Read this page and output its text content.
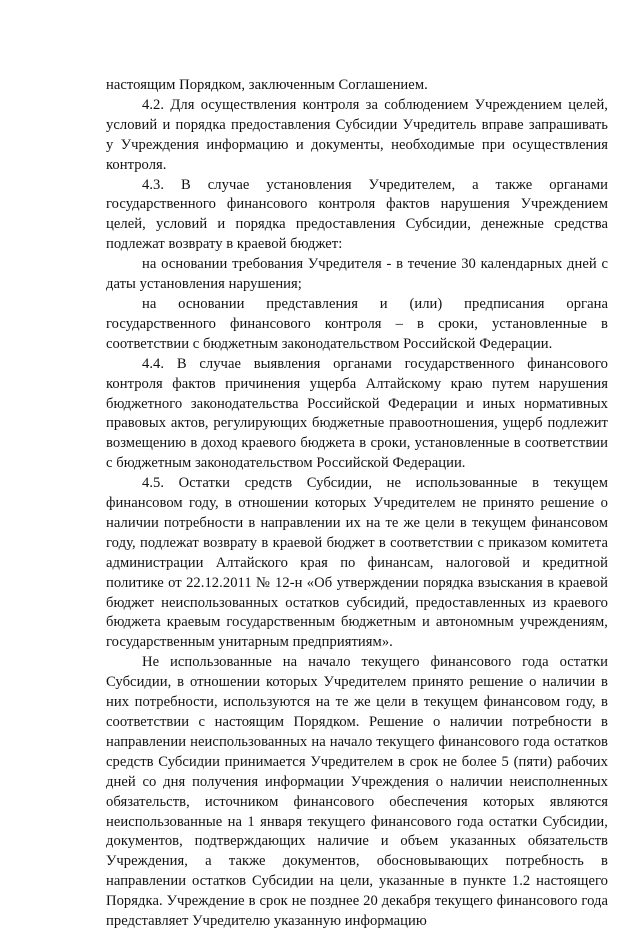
настоящим Порядком, заключенным Соглашением.

4.2. Для осуществления контроля за соблюдением Учреждением целей, условий и порядка предоставления Субсидии Учредитель вправе запрашивать у Учреждения информацию и документы, необходимые при осуществления контроля.

4.3. В случае установления Учредителем, а также органами государственного финансового контроля фактов нарушения Учреждением целей, условий и порядка предоставления Субсидии, денежные средства подлежат возврату в краевой бюджет:

на основании требования Учредителя - в течение 30 календарных дней с даты установления нарушения;

на основании представления и (или) предписания органа государственного финансового контроля – в сроки, установленные в соответствии с бюджетным законодательством Российской Федерации.

4.4. В случае выявления органами государственного финансового контроля фактов причинения ущерба Алтайскому краю путем нарушения бюджетного законодательства Российской Федерации и иных нормативных правовых актов, регулирующих бюджетные правоотношения, ущерб подлежит возмещению в доход краевого бюджета в сроки, установленные в соответствии с бюджетным законодательством Российской Федерации.

4.5. Остатки средств Субсидии, не использованные в текущем финансовом году, в отношении которых Учредителем не принято решение о наличии потребности в направлении их на те же цели в текущем финансовом году, подлежат возврату в краевой бюджет в соответствии с приказом комитета администрации Алтайского края по финансам, налоговой и кредитной политике от 22.12.2011 № 12-н «Об утверждении порядка взыскания в краевой бюджет неиспользованных остатков субсидий, предоставленных из краевого бюджета краевым государственным бюджетным и автономным учреждениям, государственным унитарным предприятиям».

Не использованные на начало текущего финансового года остатки Субсидии, в отношении которых Учредителем принято решение о наличии в них потребности, используются на те же цели в текущем финансовом году, в соответствии с настоящим Порядком. Решение о наличии потребности в направлении неиспользованных на начало текущего финансового года остатков средств Субсидии принимается Учредителем в срок не более 5 (пяти) рабочих дней со дня получения информации Учреждения о наличии неисполненных обязательств, источником финансового обеспечения которых являются неиспользованные на 1 января текущего финансового года остатки Субсидии, документов, подтверждающих наличие и объем указанных обязательств Учреждения, а также документов, обосновывающих потребность в направлении остатков Субсидии на цели, указанные в пункте 1.2 настоящего Порядка. Учреждение в срок не позднее 20 декабря текущего финансового года представляет Учредителю указанную информацию
